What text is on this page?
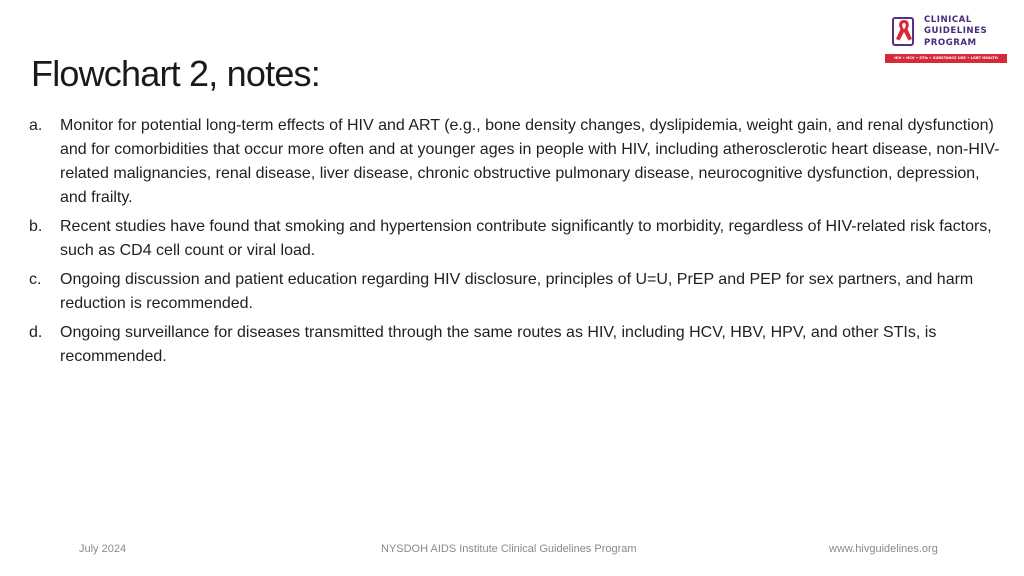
Flowchart 2, notes:
CLINICAL
GUIDELINES
PROGRAM
HIV • HCV • STIs • SUBSTANCE USE • LGBT HEALTH
a.	Monitor for potential long-term effects of HIV and ART (e.g., bone density changes, dyslipidemia, weight gain, and renal dysfunction) and for comorbidities that occur more often and at younger ages in people with HIV, including atherosclerotic heart disease, non-HIV-related malignancies, renal disease, liver disease, chronic obstructive pulmonary disease, neurocognitive dysfunction, depression, and frailty.
b.	Recent studies have found that smoking and hypertension contribute significantly to morbidity, regardless of HIV-related risk factors, such as CD4 cell count or viral load.
c.	Ongoing discussion and patient education regarding HIV disclosure, principles of U=U, PrEP and PEP for sex partners, and harm reduction is recommended.
d.	Ongoing surveillance for diseases transmitted through the same routes as HIV, including HCV, HBV, HPV, and other STIs, is recommended.
July 2024	NYSDOH AIDS Institute Clinical Guidelines Program	www.hivguidelines.org
